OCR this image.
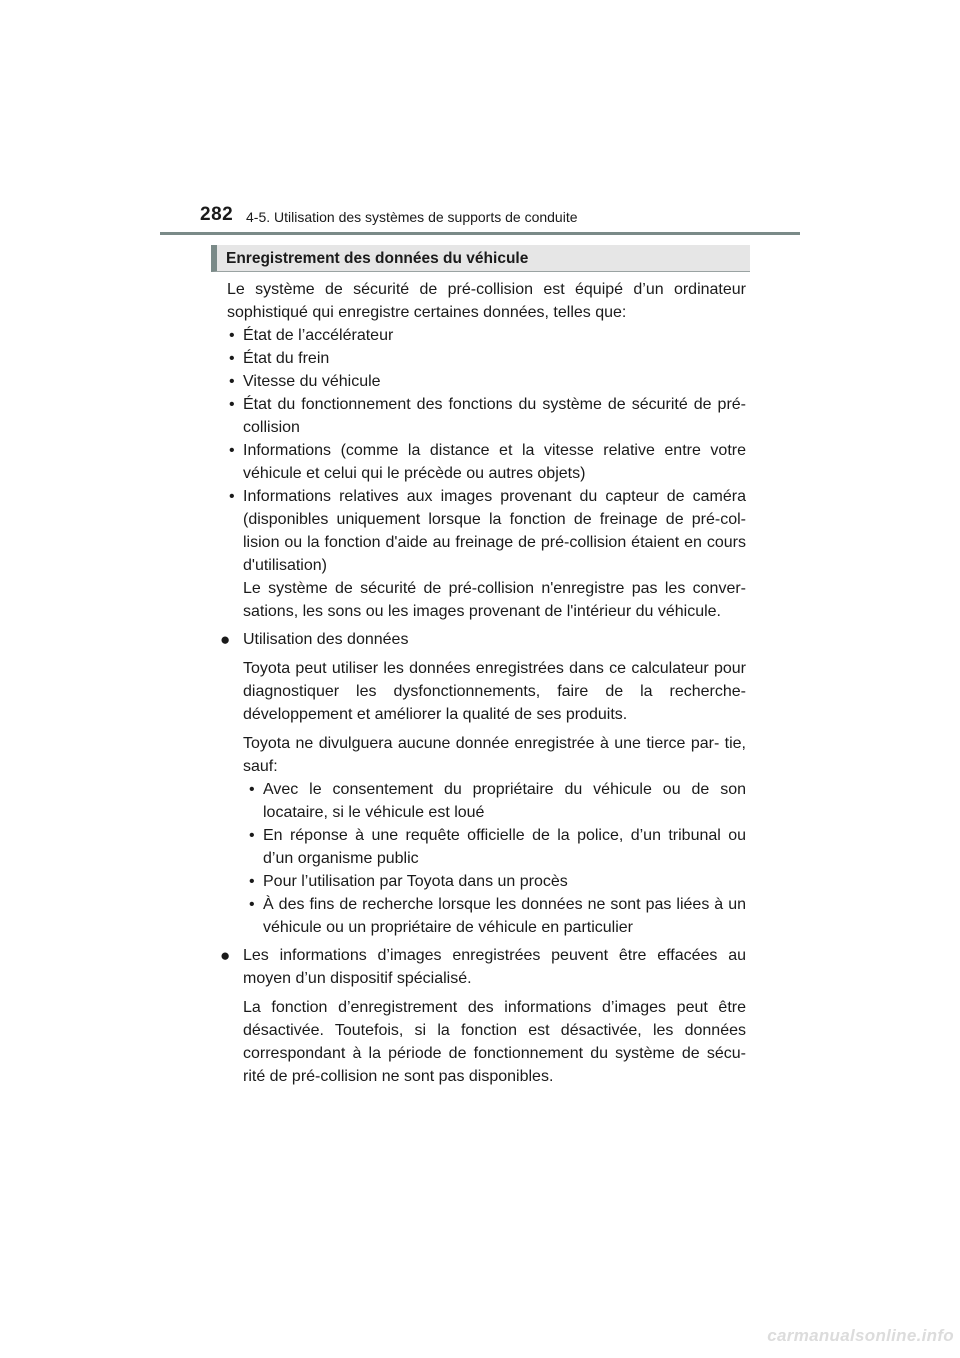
282 4-5. Utilisation des systèmes de supports de conduite
Enregistrement des données du véhicule

Le système de sécurité de pré-collision est équipé d’un ordinateur sophistiqué qui enregistre certaines données, telles que:

• État de l’accélérateur
• État du frein
• Vitesse du véhicule
• État du fonctionnement des fonctions du système de sécurité de pré-collision
• Informations (comme la distance et la vitesse relative entre votre véhicule et celui qui le précède ou autres objets)
• Informations relatives aux images provenant du capteur de caméra (disponibles uniquement lorsque la fonction de freinage de pré-col- lision ou la fonction d'aide au freinage de pré-collision étaient en cours d'utilisation)
Le système de sécurité de pré-collision n'enregistre pas les conver- sations, les sons ou les images provenant de l'intérieur du véhicule.
● Utilisation des données

Toyota peut utiliser les données enregistrées dans ce calculateur pour diagnostiquer les dysfonctionnements, faire de la recherche- développement et améliorer la qualité de ses produits.

Toyota ne divulguera aucune donnée enregistrée à une tierce par- tie, sauf:

• Avec le consentement du propriétaire du véhicule ou de son locataire, si le véhicule est loué
• En réponse à une requête officielle de la police, d’un tribunal ou d’un organisme public
• Pour l’utilisation par Toyota dans un procès
• À des fins de recherche lorsque les données ne sont pas liées à un véhicule ou un propriétaire de véhicule en particulier
● Les informations d’images enregistrées peuvent être effacées au moyen d’un dispositif spécialisé.

La fonction d’enregistrement des informations d’images peut être désactivée. Toutefois, si la fonction est désactivée, les données correspondant à la période de fonctionnement du système de sécu- rité de pré-collision ne sont pas disponibles.

carmanualsonline.info
